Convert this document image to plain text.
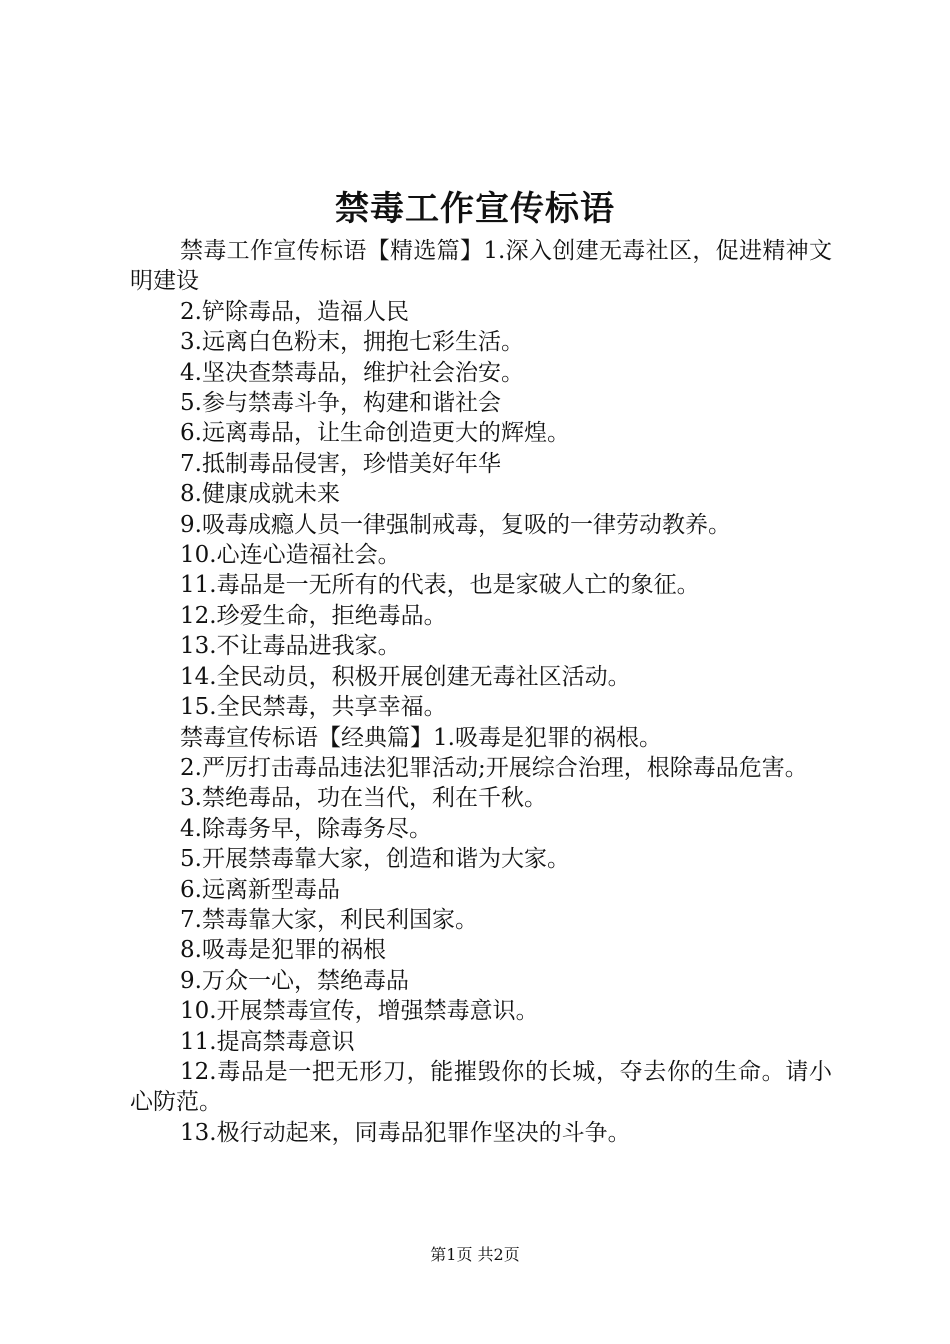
禁毒工作宣传标语

禁毒工作宣传标语【精选篇】1.深入创建无毒社区，促进精神文明建设

2.铲除毒品，造福人民

3.远离白色粉末，拥抱七彩生活。

4.坚决查禁毒品，维护社会治安。

5.参与禁毒斗争，构建和谐社会

6.远离毒品，让生命创造更大的辉煌。

7.抵制毒品侵害，珍惜美好年华

8.健康成就未来

9.吸毒成瘾人员一律强制戒毒，复吸的一律劳动教养。

10.心连心造福社会。

11.毒品是一无所有的代表，也是家破人亡的象征。

12.珍爱生命，拒绝毒品。

13.不让毒品进我家。

14.全民动员，积极开展创建无毒社区活动。

15.全民禁毒，共享幸福。

禁毒宣传标语【经典篇】1.吸毒是犯罪的祸根。

2.严厉打击毒品违法犯罪活动;开展综合治理，根除毒品危害。

3.禁绝毒品，功在当代，利在千秋。

4.除毒务早，除毒务尽。

5.开展禁毒靠大家，创造和谐为大家。

6.远离新型毒品

7.禁毒靠大家，利民利国家。

8.吸毒是犯罪的祸根

9.万众一心，禁绝毒品

10.开展禁毒宣传，增强禁毒意识。

11.提高禁毒意识

12.毒品是一把无形刀，能摧毁你的长城，夺去你的生命。请小心防范。

13.极行动起来，同毒品犯罪作坚决的斗争。

第1页 共2页
